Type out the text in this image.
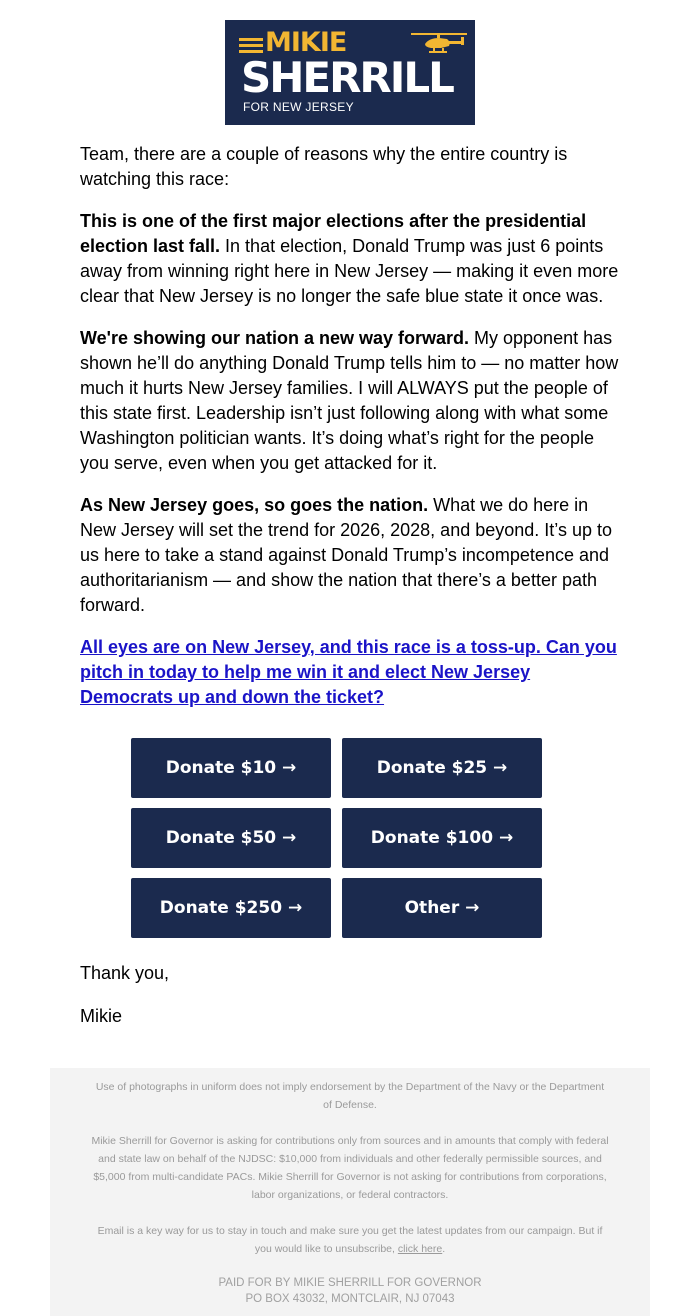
MIKIE
SHERRILL
FOR NEW JERSEY

Team, there are a couple of reasons why the entire country is watching this race:

This is one of the first major elections after the presidential election last fall. In that election, Donald Trump was just 6 points away from winning right here in New Jersey — making it even more clear that New Jersey is no longer the safe blue state it once was.

We're showing our nation a new way forward. My opponent has shown he’ll do anything Donald Trump tells him to — no matter how much it hurts New Jersey families. I will ALWAYS put the people of this state first. Leadership isn’t just following along with what some Washington politician wants. It’s doing what’s right for the people you serve, even when you get attacked for it.

As New Jersey goes, so goes the nation. What we do here in New Jersey will set the trend for 2026, 2028, and beyond. It’s up to us here to take a stand against Donald Trump’s incompetence and authoritarianism — and show the nation that there’s a better path forward.

All eyes are on New Jersey, and this race is a toss-up. Can you pitch in today to help me win it and elect New Jersey Democrats up and down the ticket?

Donate $10 →	Donate $25 →
Donate $50 →	Donate $100 →
Donate $250 →	Other →

Thank you,

Mikie

Use of photographs in uniform does not imply endorsement by the Department of the Navy or the Department of Defense.

Mikie Sherrill for Governor is asking for contributions only from sources and in amounts that comply with federal and state law on behalf of the NJDSC: $10,000 from individuals and other federally permissible sources, and $5,000 from multi-candidate PACs. Mikie Sherrill for Governor is not asking for contributions from corporations, labor organizations, or federal contractors.

Email is a key way for us to stay in touch and make sure you get the latest updates from our campaign. But if you would like to unsubscribe, click here.

PAID FOR BY MIKIE SHERRILL FOR GOVERNOR
PO BOX 43032, MONTCLAIR, NJ 07043
